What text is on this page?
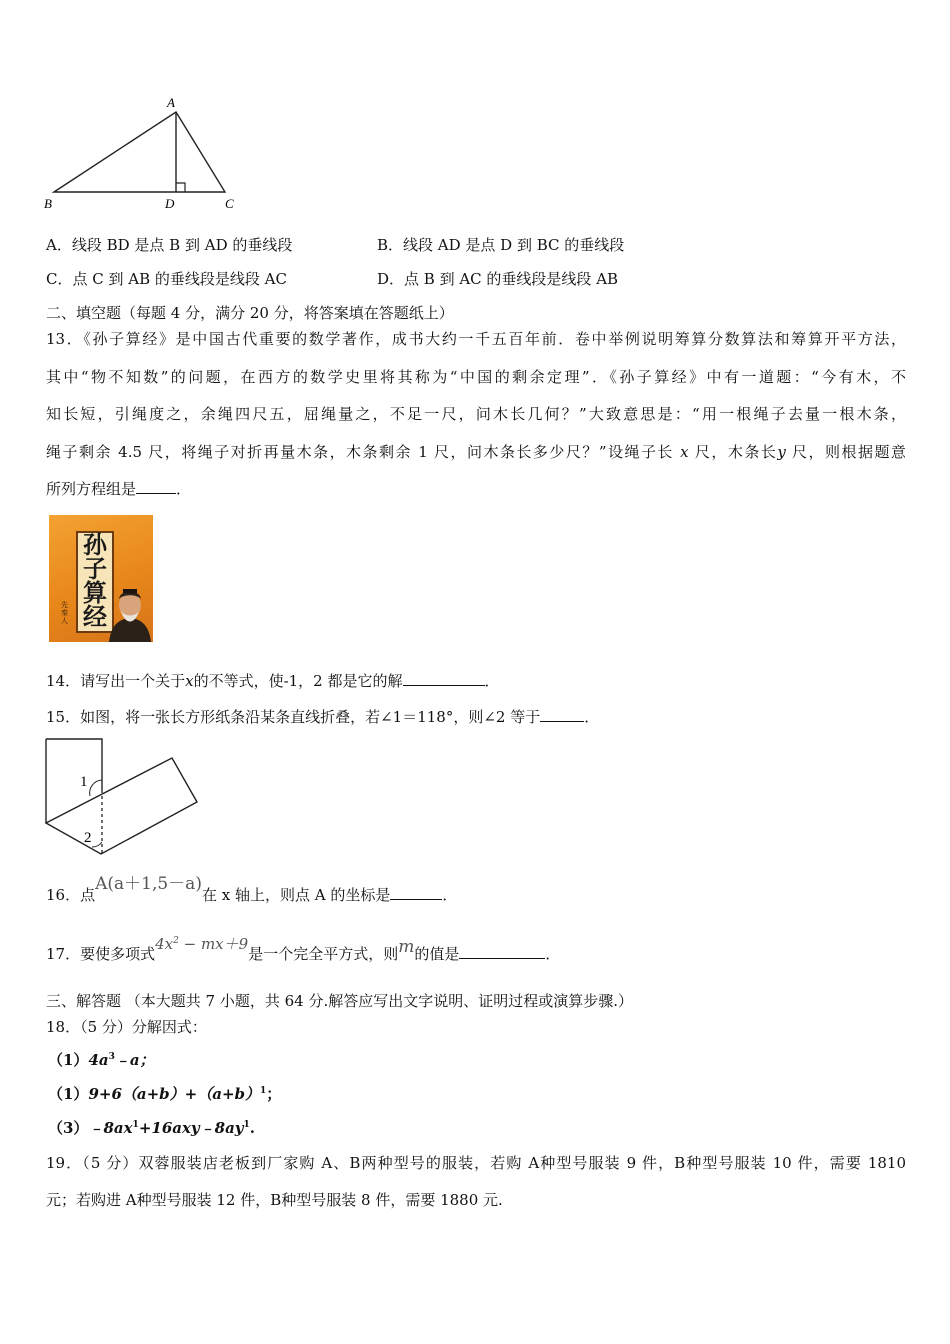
A
B	D	C
A．线段 BD 是点 B 到 AD 的垂线段	B．线段 AD 是点 D 到 BC 的垂线段
C．点 C 到 AB 的垂线段是线段 AC	D．点 B 到 AC 的垂线段是线段 AB
二、填空题（每题 4 分，满分 20 分，将答案填在答题纸上）
13．《孙子算经》是中国古代重要的数学著作，成书大约一千五百年前．卷中举例说明筹算分数算法和筹算开平方法，
其中“物不知数”的问题，在西方的数学史里将其称为“中国的剩余定理”．《孙子算经》中有一道题：“今有木，不
知长短，引绳度之，余绳四尺五，屈绳量之，不足一尺，问木长几何？”大致意思是：“用一根绳子去量一根木条，
绳子剩余 4.5 尺，将绳子对折再量木条，木条剩余 1 尺，问木条长多少尺？”设绳子长 x 尺，木条长y 尺，则根据题意
所列方程组是	．
孙
子
算
经
先秦人
14．请写出一个关于x的不等式，使-1，2 都是它的解	．
15．如图，将一张长方形纸条沿某条直线折叠，若∠1＝118°，则∠2 等于	．
1
2
16．点A(a＋1,5－a)在 x 轴上，则点 A 的坐标是	．
17．要使多项式$4x^2 - mx+9$是一个完全平方式，则m的值是	．
三、解答题 （本大题共 7 小题，共 64 分.解答应写出文字说明、证明过程或演算步骤.）
18．（5 分）分解因式：
$(1)4a^3﹣a$；
$(1)9+6(a+b)+(a+b)^1$；
$(3)﹣8ax^1+16axy﹣8ay^1$.
19．（5 分）双蓉服装店老板到厂家购 A、B两种型号的服装，若购 A种型号服装 9 件，B种型号服装 10 件，需要 1810
元；若购进 A种型号服装 12 件，B种型号服装 8 件，需要 1880 元.
